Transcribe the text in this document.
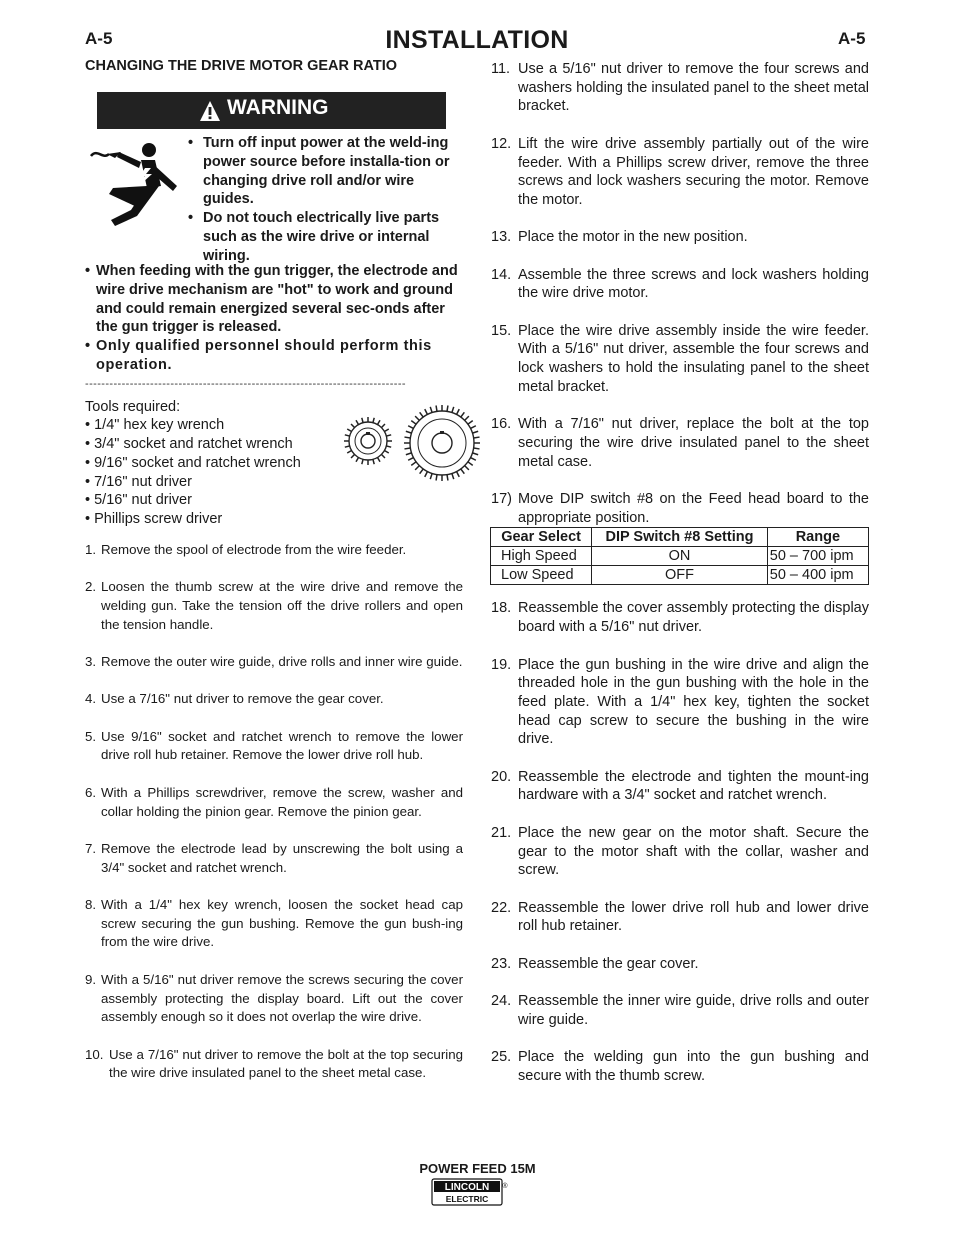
A-5	INSTALLATION	A-5
CHANGING THE DRIVE MOTOR GEAR RATIO
WARNING
• Turn off input power at the weld-ing power source before installa-tion or changing drive roll and/or wire guides.
• Do not touch electrically live parts such as the wire drive or internal wiring.
• When feeding with the gun trigger, the electrode and wire drive mechanism are "hot" to work and ground and could remain energized several sec-onds after the gun trigger is released.
• Only qualified personnel should perform this operation.
-------------------------------------------------------------------------------
Tools required:
• 1/4" hex key wrench
• 3/4" socket and ratchet wrench
• 9/16" socket and ratchet wrench
• 7/16" nut driver
• 5/16" nut driver
• Phillips screw driver
1. Remove the spool of electrode from the wire feeder.
2. Loosen the thumb screw at the wire drive and remove the welding gun. Take the tension off the drive rollers and open the tension handle.
3. Remove the outer wire guide, drive rolls and inner wire guide.
4. Use a 7/16" nut driver to remove the gear cover.
5. Use 9/16" socket and ratchet wrench to remove the lower drive roll hub retainer. Remove the lower drive roll hub.
6. With a Phillips screwdriver, remove the screw, washer and collar holding the pinion gear. Remove the pinion gear.
7. Remove the electrode lead by unscrewing the bolt using a 3/4" socket and ratchet wrench.
8. With a 1/4" hex key wrench, loosen the socket head cap screw securing the gun bushing. Remove the gun bush-ing from the wire drive.
9. With a 5/16" nut driver remove the screws securing the cover assembly protecting the display board. Lift out the cover assembly enough so it does not overlap the wire drive.
10. Use a 7/16" nut driver to remove the bolt at the top securing the wire drive insulated panel to the sheet metal case.
11. Use a 5/16" nut driver to remove the four screws and washers holding the insulated panel to the sheet metal bracket.
12. Lift the wire drive assembly partially out of the wire feeder. With a Phillips screw driver, remove the three screws and lock washers securing the motor. Remove the motor.
13. Place the motor in the new position.
14. Assemble the three screws and lock washers holding the wire drive motor.
15. Place the wire drive assembly inside the wire feeder. With a 5/16" nut driver, assemble the four screws and lock washers to hold the insulating panel to the sheet metal bracket.
16. With a 7/16" nut driver, replace the bolt at the top securing the wire drive insulated panel to the sheet metal case.
17) Move DIP switch #8 on the Feed head board to the appropriate position.
Gear Select	DIP Switch #8 Setting	Range
High Speed	ON	50 – 700 ipm
Low Speed	OFF	50 – 400 ipm
18. Reassemble the cover assembly protecting the display board with a 5/16" nut driver.
19. Place the gun bushing in the wire drive and align the threaded hole in the gun bushing with the hole in the feed plate. With a 1/4" hex key, tighten the socket head cap screw to secure the bushing in the wire drive.
20. Reassemble the electrode and tighten the mount-ing hardware with a 3/4" socket and ratchet wrench.
21. Place the new gear on the motor shaft. Secure the gear to the motor shaft with the collar, washer and screw.
22. Reassemble the lower drive roll hub and lower drive roll hub retainer.
23. Reassemble the gear cover.
24. Reassemble the inner wire guide, drive rolls and outer wire guide.
25. Place the welding gun into the gun bushing and secure with the thumb screw.
POWER FEED 15M
LINCOLN
ELECTRIC
®
